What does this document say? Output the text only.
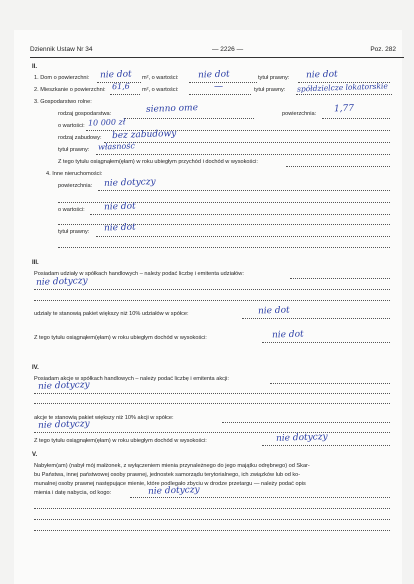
Dziennik Ustaw Nr 34	— 2226 —	Poz. 282
II.
1. Dom o powierzchni: nie dot m², o wartości: nie dot	tytuł prawny: nie dot
2. Mieszkanie o powierzchni: 61,6 m², o wartości:	—	tytuł prawny: spółdzielcze lokatorskie
3. Gospodarstwo rolne:
rodzaj gospodarstwa:	sienno ome	powierzchnia: 1,77
o wartości: 10 000 zł
rodzaj zabudowy: bez zabudowy
tytuł prawny: własność
Z tego tytułu osiągnąłem(ęłam) w roku ubiegłym przychód i dochód w wysokości:
4. Inne nieruchomości:
powierzchnia: nie dotyczy
o wartości: nie dot
tytuł prawny: nie dot
III.
Posiadam udziały w spółkach handlowych – należy podać liczbę i emitenta udziałów:
nie dotyczy
udziały te stanowią pakiet większy niż 10% udziałów w spółce:	nie dot
Z tego tytułu osiągnąłem(ęłam) w roku ubiegłym dochód w wysokości:	nie dot
IV.
Posiadam akcje w spółkach handlowych – należy podać liczbę i emitenta akcji:
nie dotyczy
akcje te stanowią pakiet większy niż 10% akcji w spółce:
nie dotyczy
Z tego tytułu osiągnąłem(ęłam) w roku ubiegłym dochód w wysokości:	nie dotyczy
V.
Nabyłem(am) (nabył mój małżonek, z wyłączeniem mienia przynależnego do jego majątku odrębnego) od Skar-
bu Państwa, innej państwowej osoby prawnej, jednostek samorządu terytorialnego, ich związków lub od ko-
munalnej osoby prawnej następujące mienie, które podlegało zbyciu w drodze przetargu — należy podać opis
mienia i datę nabycia, od kogo:	nie dotyczy
